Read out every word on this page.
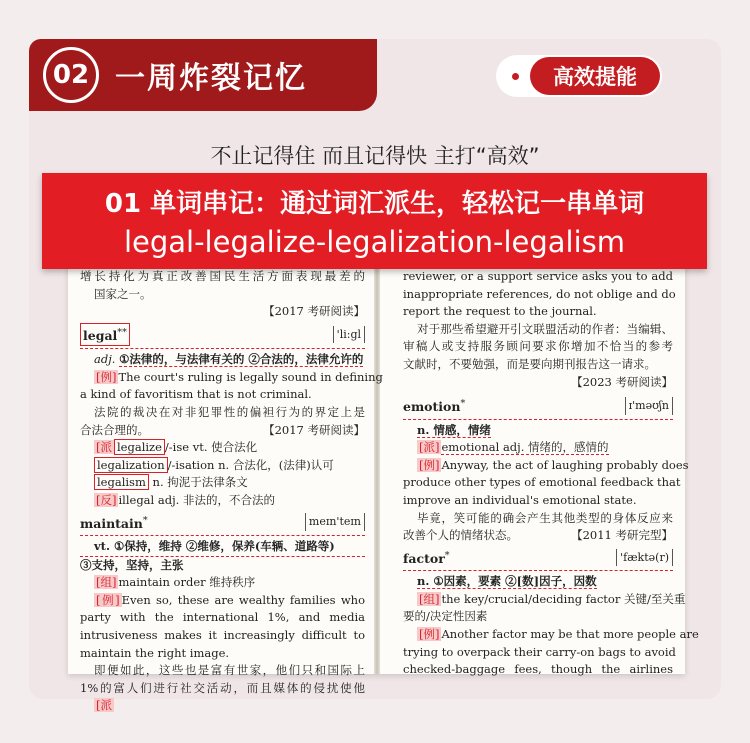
02 一周炸裂记忆	高效提能
不止记得住 而且记得快 主打“高效”
01 单词串记：通过词汇派生，轻松记一串单词
legal-legalize-legalization-legalism
增长持化为真正改善国民生活方面表现最差的
国家之一。
【2017 考研阅读】
legal**	'li:gl
adj. ①法律的，与法律有关的 ②合法的，法律允许的
[例] The court's ruling is legally sound in defining
a kind of favoritism that is not criminal.
法院的裁决在对非犯罪性的偏袒行为的界定上是
合法合理的。	【2017 考研阅读】
[派 legalize /-ise vt. 使合法化
legalization /-isation n. 合法化，(法律)认可
legalism n. 拘泥于法律条文
[反] illegal adj. 非法的，不合法的
maintain*	meɪn'teɪn
vt. ①保持，维持 ②维修，保养(车辆、道路等)
③支持，坚持，主张
[组] maintain order 维持秩序
[例] Even so, these are wealthy families who
party with the international 1%, and media
intrusiveness makes it increasingly difficult to
maintain the right image.
即便如此，这些也是富有世家，他们只和国际上
1%的富人们进行社交活动，而且媒体的侵扰使他
[派
reviewer, or a support service asks you to add
inappropriate references, do not oblige and do
report the request to the journal.
对于那些希望避开引文联盟活动的作者：当编辑、
审稿人或支持服务顾问要求你增加不恰当的参考
文献时，不要勉强，而是要向期刊报告这一请求。
【2023 考研阅读】
emotion*	ɪ'məʊʃn
n. 情感，情绪
[派] emotional adj. 情绪的，感情的
[例] Anyway, the act of laughing probably does
produce other types of emotional feedback that
improve an individual's emotional state.
毕竟，笑可能的确会产生其他类型的身体反应来
改善个人的情绪状态。	【2011 考研完型】
factor*	'fæktə(r)
n. ①因素，要素 ②[数]因子，因数
[组] the key/crucial/deciding factor 关键/至关重
要的/决定性因素
[例] Another factor may be that more people are
trying to overpack their carry-on bags to avoid
checked-baggage fees, though the airlines
